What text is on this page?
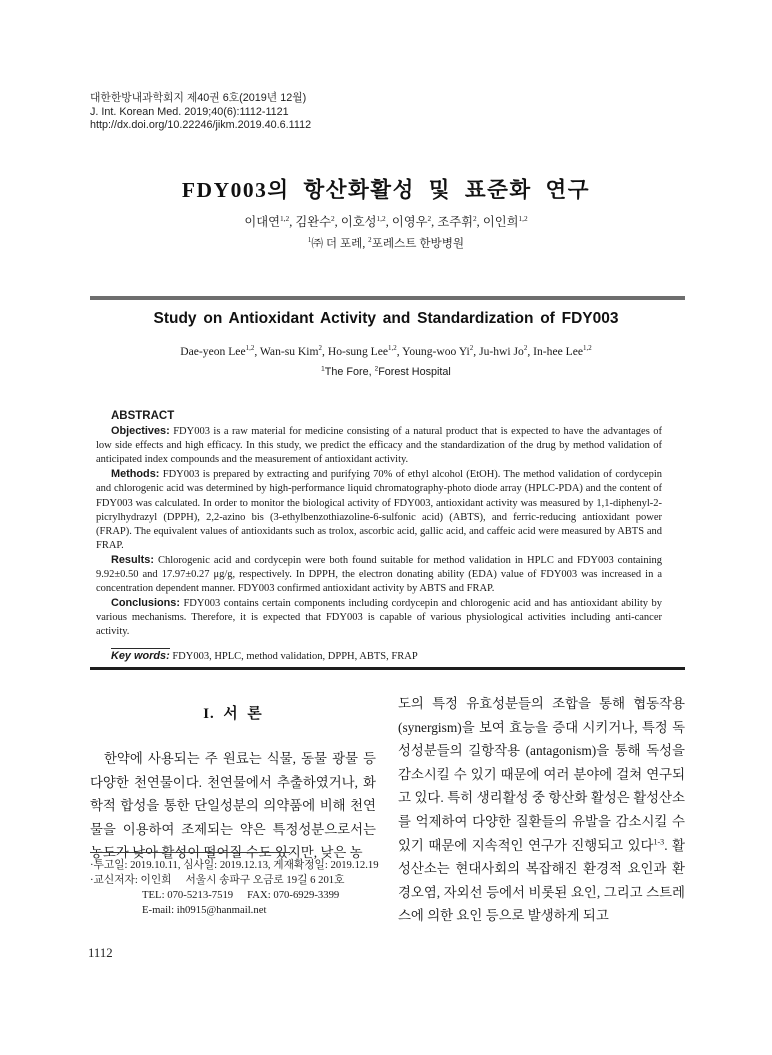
대한한방내과학회지 제40권 6호(2019년 12월)
J. Int. Korean Med. 2019;40(6):1112-1121
http://dx.doi.org/10.22246/jikm.2019.40.6.1112
FDY003의 항산화활성 및 표준화 연구
이대연$^{1,2}$, 김완수$^2$, 이호성$^{1,2}$, 이영우$^2$, 조주휘$^2$, 이인희$^{1,2}$
$^1$㈜ 더 포레, $^2$포레스트 한방병원
Study on Antioxidant Activity and Standardization of FDY003
Dae-yeon Lee$^{1,2}$, Wan-su Kim$^2$, Ho-sung Lee$^{1,2}$, Young-woo Yi$^2$, Ju-hwi Jo$^2$, In-hee Lee$^{1,2}$
$^1$The Fore, $^2$Forest Hospital
ABSTRACT

Objectives: FDY003 is a raw material for medicine consisting of a natural product that is expected to have the advantages of low side effects and high efficacy. In this study, we predict the efficacy and the standardization of the drug by method validation of anticipated index compounds and the measurement of antioxidant activity.

Methods: FDY003 is prepared by extracting and purifying 70% of ethyl alcohol (EtOH). The method validation of cordycepin and chlorogenic acid was determined by high-performance liquid chromatography-photo diode array (HPLC-PDA) and the content of FDY003 was calculated. In order to monitor the biological activity of FDY003, antioxidant activity was measured by 1,1-diphenyl-2-picrylhydrazyl (DPPH), 2,2-azino bis (3-ethylbenzothiazoline-6-sulfonic acid) (ABTS), and ferric-reducing antioxidant power (FRAP). The equivalent values of antioxidants such as trolox, ascorbic acid, gallic acid, and caffeic acid were measured by ABTS and FRAP.

Results: Chlorogenic acid and cordycepin were both found suitable for method validation in HPLC and FDY003 containing 9.92±0.50 and 17.97±0.27 μg/g, respectively. In DPPH, the electron donating ability (EDA) value of FDY003 was increased in a concentration dependent manner. FDY003 confirmed antioxidant activity by ABTS and FRAP.

Conclusions: FDY003 contains certain components including cordycepin and chlorogenic acid and has antioxidant ability by various mechanisms. Therefore, it is expected that FDY003 is capable of various physiological activities including anti-cancer activity.

Key words: FDY003, HPLC, method validation, DPPH, ABTS, FRAP

I. 서 론

한약에 사용되는 주 원료는 식물, 동물 광물 등 다양한 천연물이다. 천연물에서 추출하였거나, 화학적 합성을 통한 단일성분의 의약품에 비해 천연물을 이용하여 조제되는 약은 특정성분으로서는 농도가 낮아 활성이 떨어질 수도 있지만, 낮은 농

도의 특정 유효성분들의 조합을 통해 협동작용 (synergism)을 보여 효능을 증대 시키거나, 특정 독성성분들의 길항작용 (antagonism)을 통해 독성을 감소시킬 수 있기 때문에 여러 분야에 걸쳐 연구되고 있다. 특히 생리활성 중 항산화 활성은 활성산소를 억제하여 다양한 질환들의 유발을 감소시킬 수 있기 때문에 지속적인 연구가 진행되고 있다$^{1-3}$. 활성산소는 현대사회의 복잡해진 환경적 요인과 환경오염, 자외선 등에서 비롯된 요인, 그리고 스트레스에 의한 요인 등으로 발생하게 되고

·투고일: 2019.10.11, 심사일: 2019.12.13, 게재확정일: 2019.12.19
·교신저자: 이인희 서울시 송파구 오금로 19길 6 201호
TEL: 070-5213-7519 FAX: 070-6929-3399
E-mail: ih0915@hanmail.net
1112
